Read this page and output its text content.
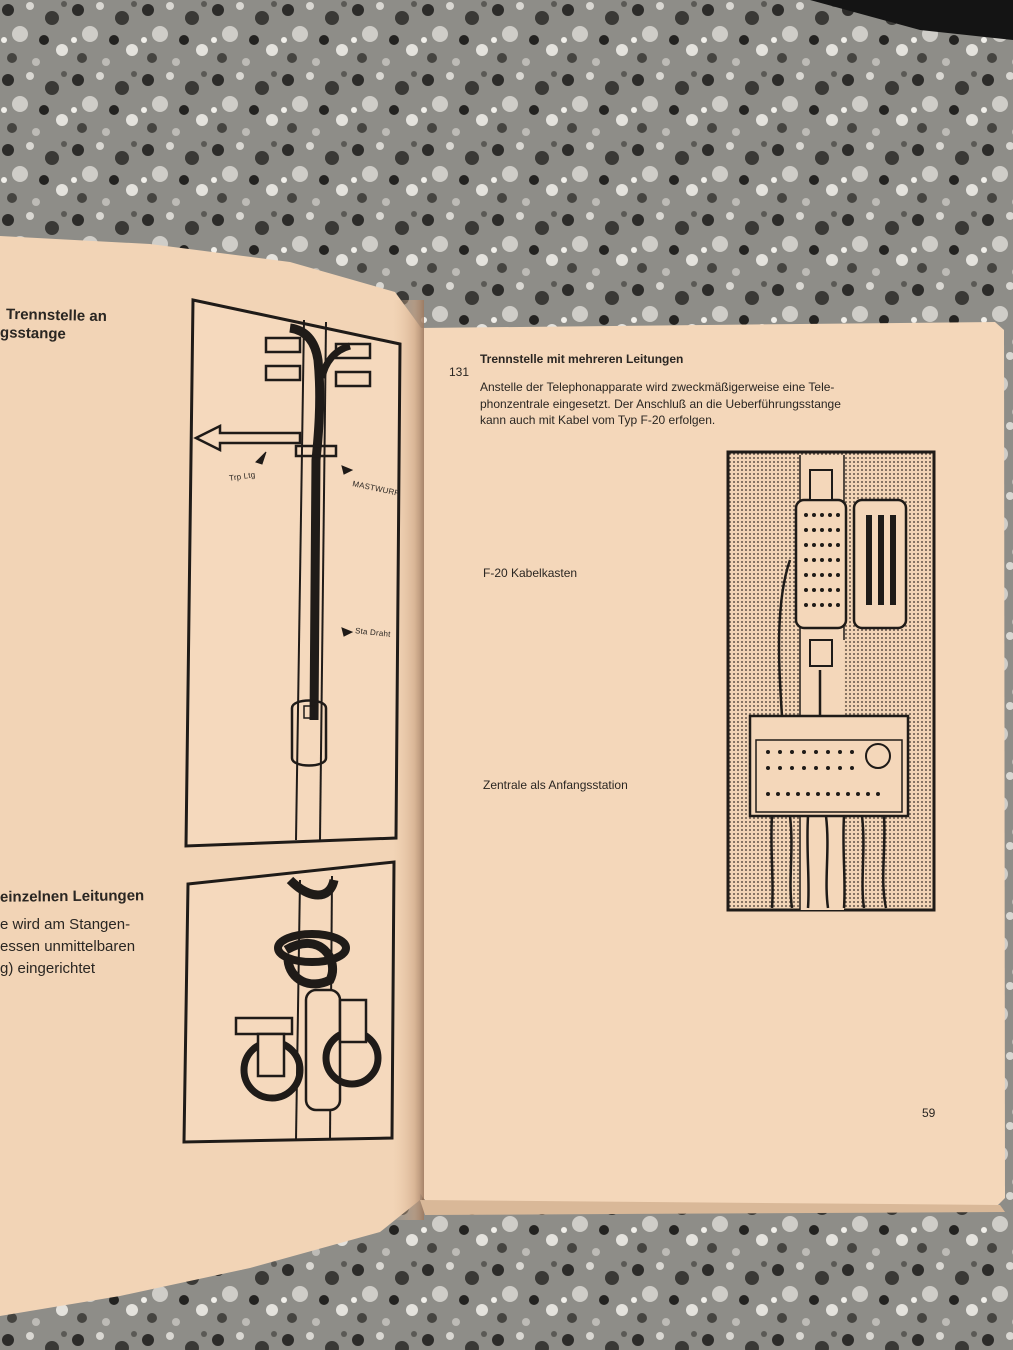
Trennstelle an
gsstange
Trp Ltg
MASTWURF
Sta Draht
einzelnen Leitungen
e wird am Stangen-
essen unmittelbaren
g) eingerichtet
131
Trennstelle mit mehreren Leitungen
Anstelle der Telephonapparate wird zweckmäßigerweise eine Tele-
phonzentrale eingesetzt. Der Anschluß an die Ueberführungsstange
kann auch mit Kabel vom Typ F-20 erfolgen.
F-20 Kabelkasten
Zentrale als Anfangsstation
59
